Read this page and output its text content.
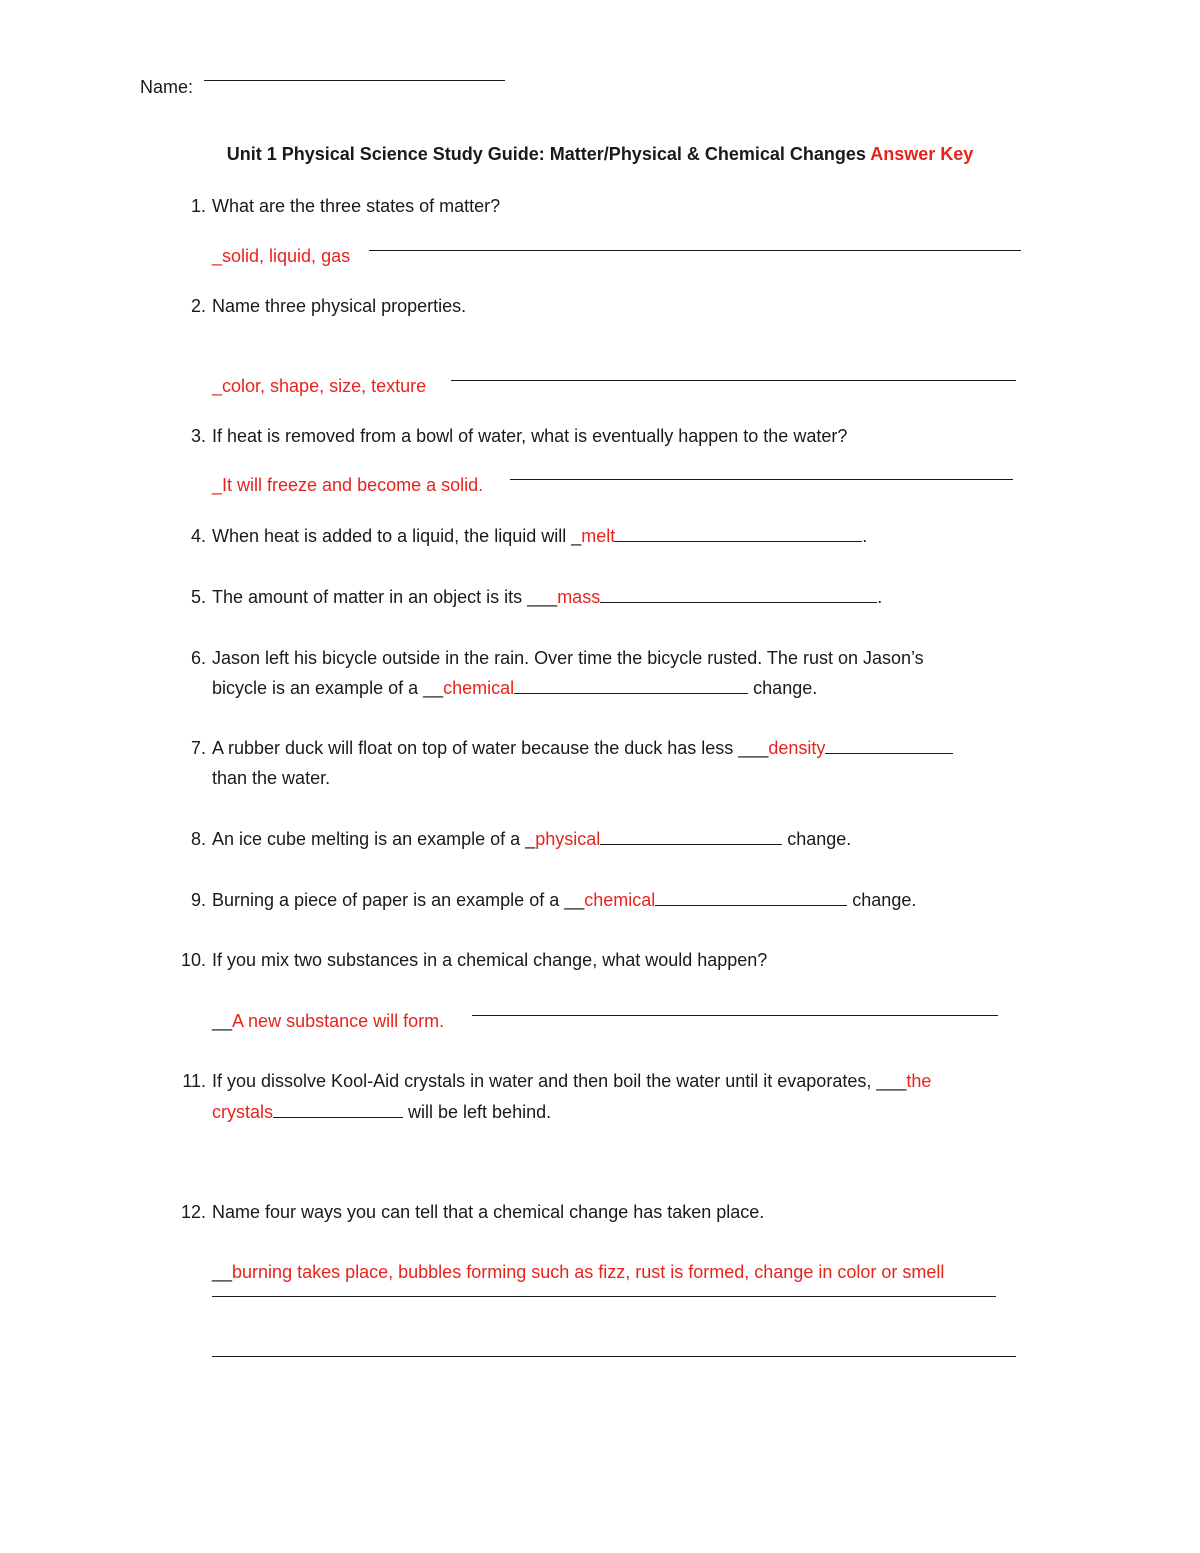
Name:
Unit 1 Physical Science Study Guide: Matter/Physical & Chemical Changes Answer Key
1. What are the three states of matter?
_solid, liquid, gas
2. Name three physical properties.
_color, shape, size, texture
3. If heat is removed from a bowl of water, what is eventually happen to the water?
_It will freeze and become a solid.
4. When heat is added to a liquid, the liquid will _melt	.
5. The amount of matter in an object is its ___mass	.
6. Jason left his bicycle outside in the rain. Over time the bicycle rusted. The rust on Jason’s
bicycle is an example of a __chemical	change.
7. A rubber duck will float on top of water because the duck has less ___density
than the water.
8. An ice cube melting is an example of a _physical	change.
9. Burning a piece of paper is an example of a __chemical	change.
10. If you mix two substances in a chemical change, what would happen?
__A new substance will form.
11. If you dissolve Kool-Aid crystals in water and then boil the water until it evaporates, ___the
crystals	will be left behind.
12. Name four ways you can tell that a chemical change has taken place.
__burning takes place, bubbles forming such as fizz, rust is formed, change in color or smell
